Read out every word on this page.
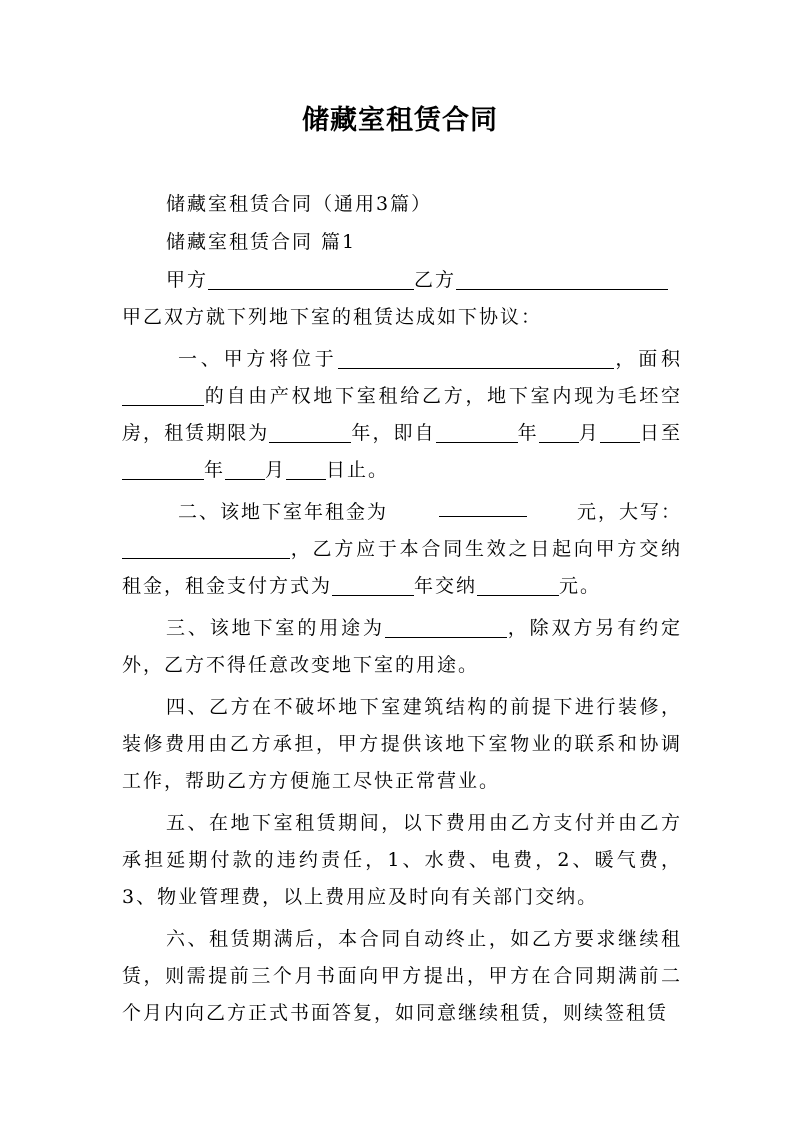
储藏室租赁合同

储藏室租赁合同（通用3篇）

储藏室租赁合同 篇1

甲方	乙方

甲乙双方就下列地下室的租赁达成如下协议：

一、甲方将位于	，面积的自由产权地下室租给乙方，地下室内现为毛坯空房，租赁期限为	年，即自	年 月 日至年 月 日止。

二、该地下室年租金为	元，大写：

，乙方应于本合同生效之日起向甲方交纳租金，租金支付方式为	年交纳	元。

三、该地下室的用途为	，除双方另有约定外，乙方不得任意改变地下室的用途。

四、乙方在不破坏地下室建筑结构的前提下进行装修，装修费用由乙方承担，甲方提供该地下室物业的联系和协调工作，帮助乙方方便施工尽快正常营业。

五、在地下室租赁期间，以下费用由乙方支付并由乙方承担延期付款的违约责任，1、水费、电费，2、暖气费，3、物业管理费，以上费用应及时向有关部门交纳。

六、租赁期满后，本合同自动终止，如乙方要求继续租赁，则需提前三个月书面向甲方提出，甲方在合同期满前二个月内向乙方正式书面答复，如同意继续租赁，则续签租赁
